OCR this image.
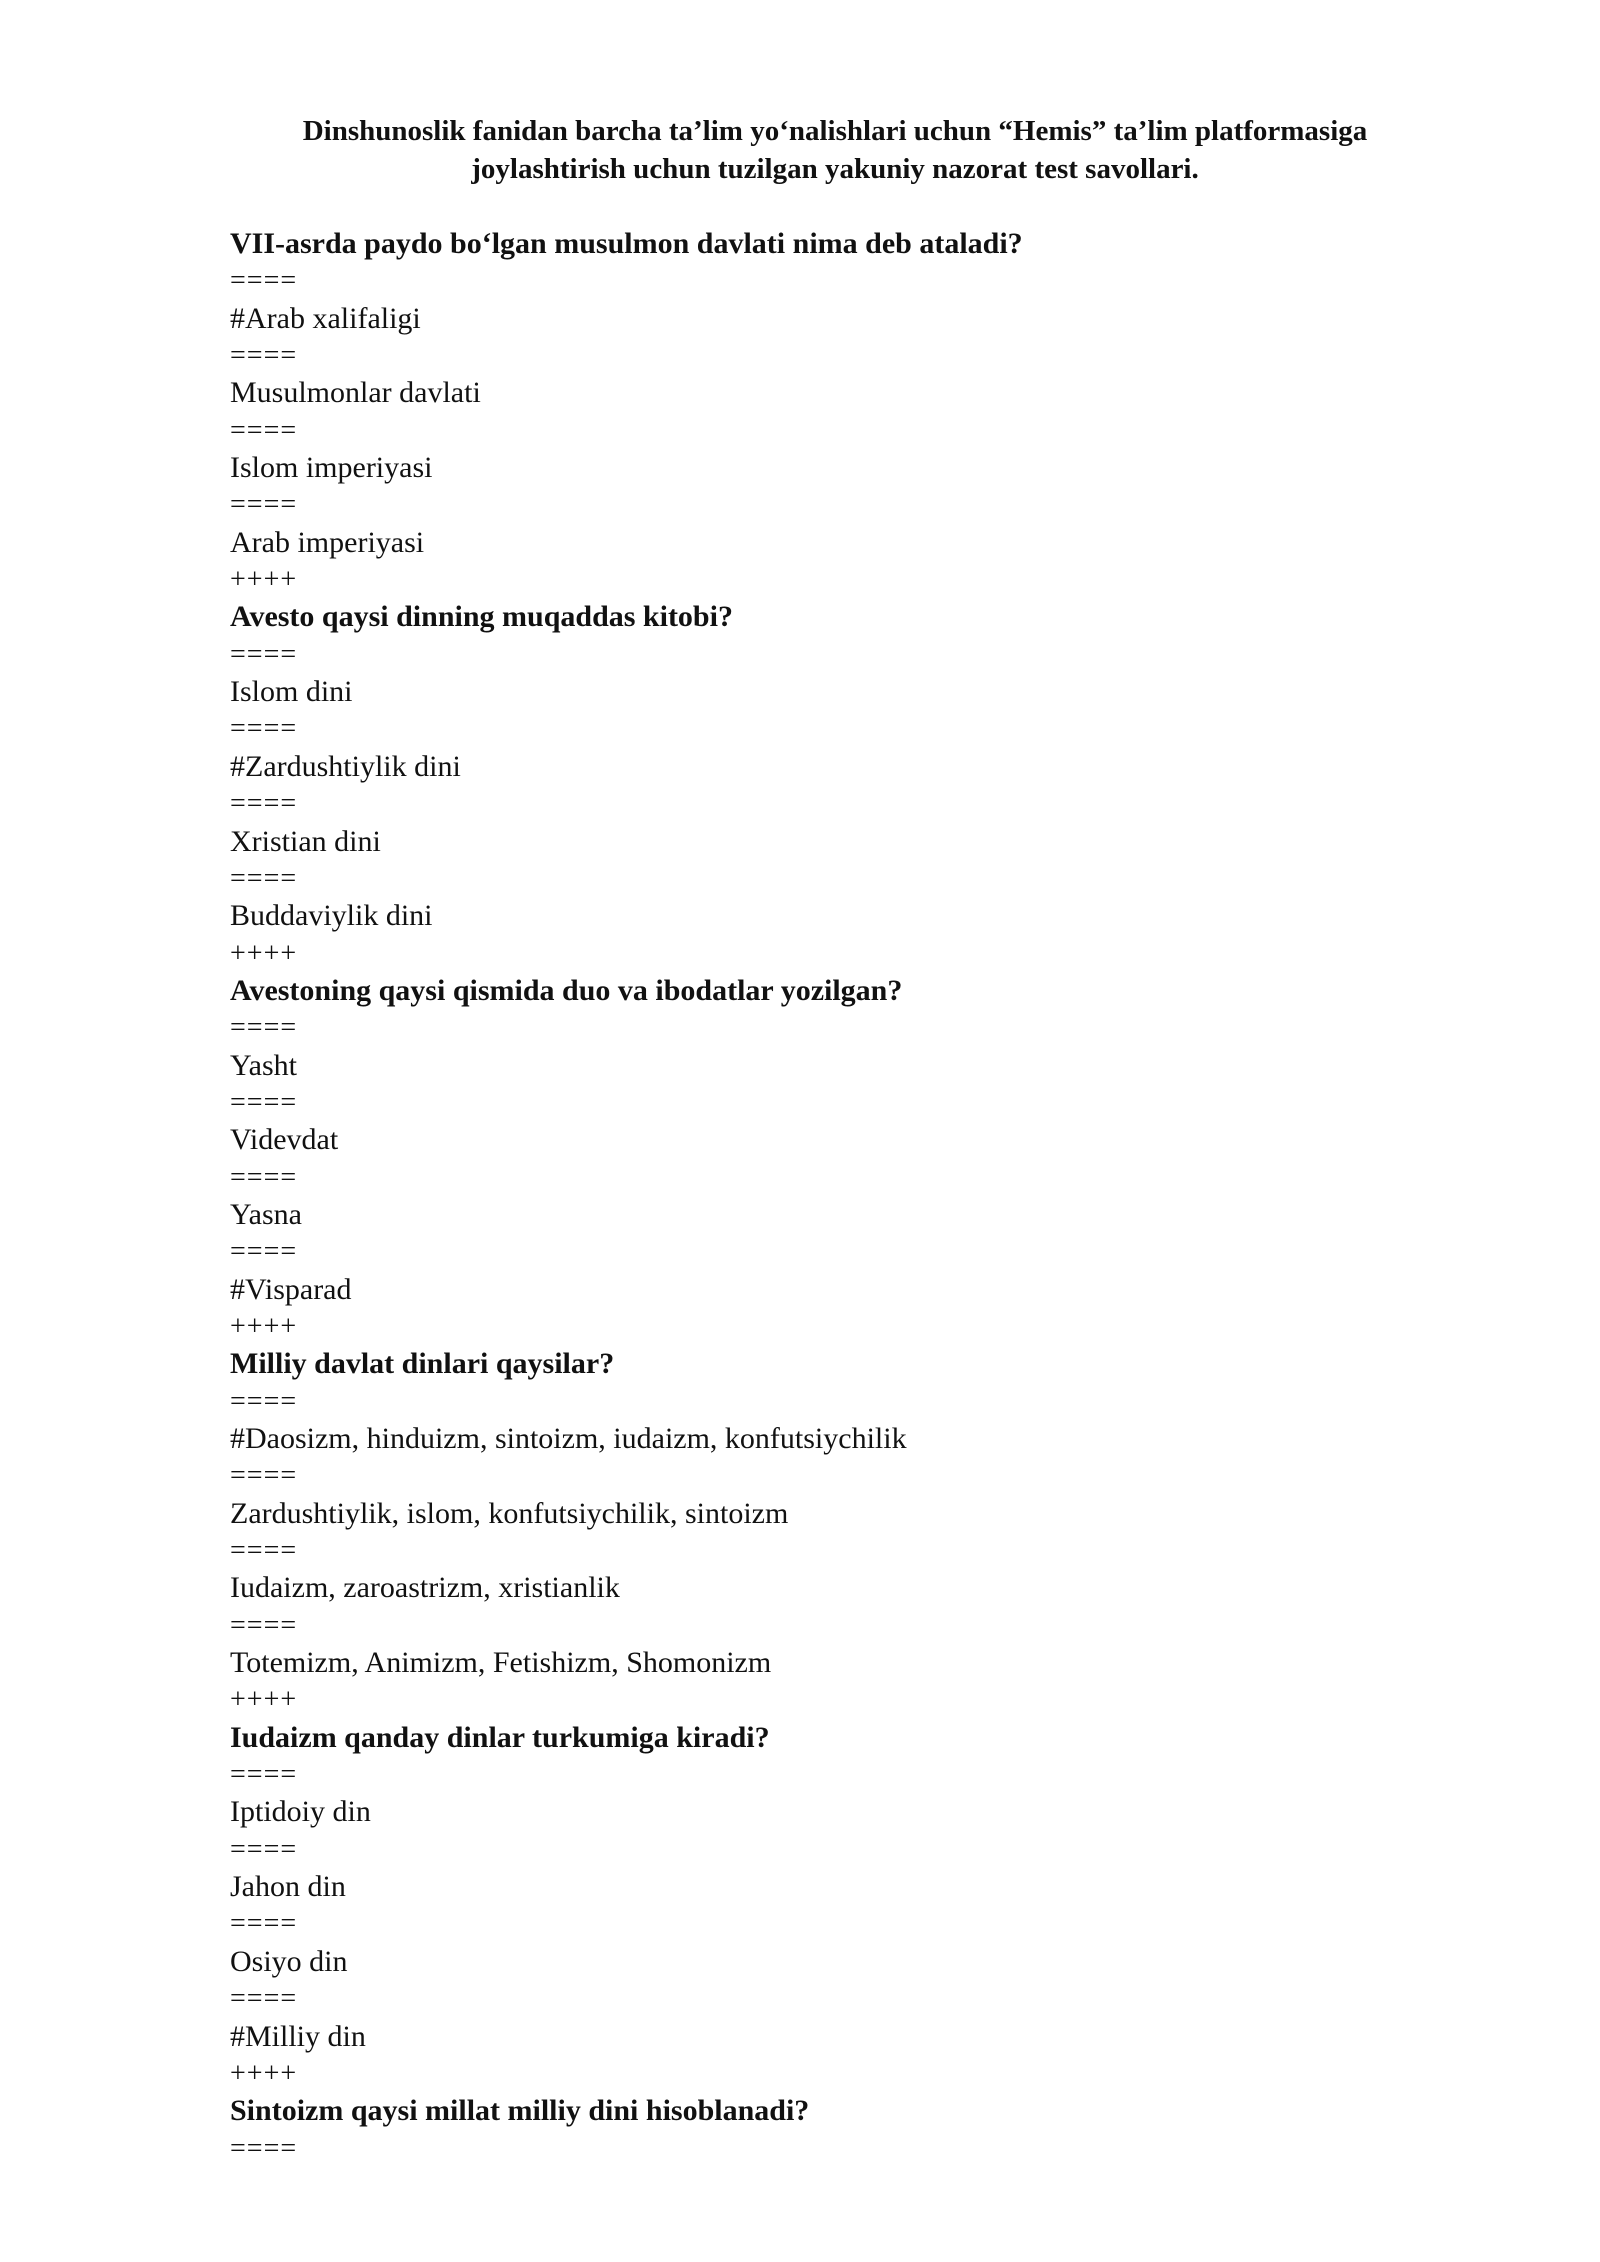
Dinshunoslik fanidan barcha ta’lim yo‘nalishlari uchun “Hemis” ta’lim platformasiga
joylashtirish uchun tuzilgan yakuniy nazorat test savollari.
VII-asrda paydo bo‘lgan musulmon davlati nima deb ataladi?
====
#Arab xalifaligi
====
Musulmonlar davlati
====
Islom imperiyasi
====
Arab imperiyasi
++++
Avesto qaysi dinning muqaddas kitobi?
====
Islom dini
====
#Zardushtiylik dini
====
Xristian dini
====
Buddaviylik dini
++++
Avestoning qaysi qismida duo va ibodatlar yozilgan?
====
Yasht
====
Videvdat
====
Yasna
====
#Visparad
++++
Milliy davlat dinlari qaysilar?
====
#Daosizm, hinduizm, sintoizm, iudaizm, konfutsiychilik
====
Zardushtiylik, islom, konfutsiychilik, sintoizm
====
Iudaizm, zaroastrizm, xristianlik
====
Totemizm, Animizm, Fetishizm, Shomonizm
++++
Iudaizm qanday dinlar turkumiga kiradi?
====
Iptidoiy din
====
Jahon din
====
Osiyo din
====
#Milliy din
++++
Sintoizm qaysi millat milliy dini hisoblanadi?
====
